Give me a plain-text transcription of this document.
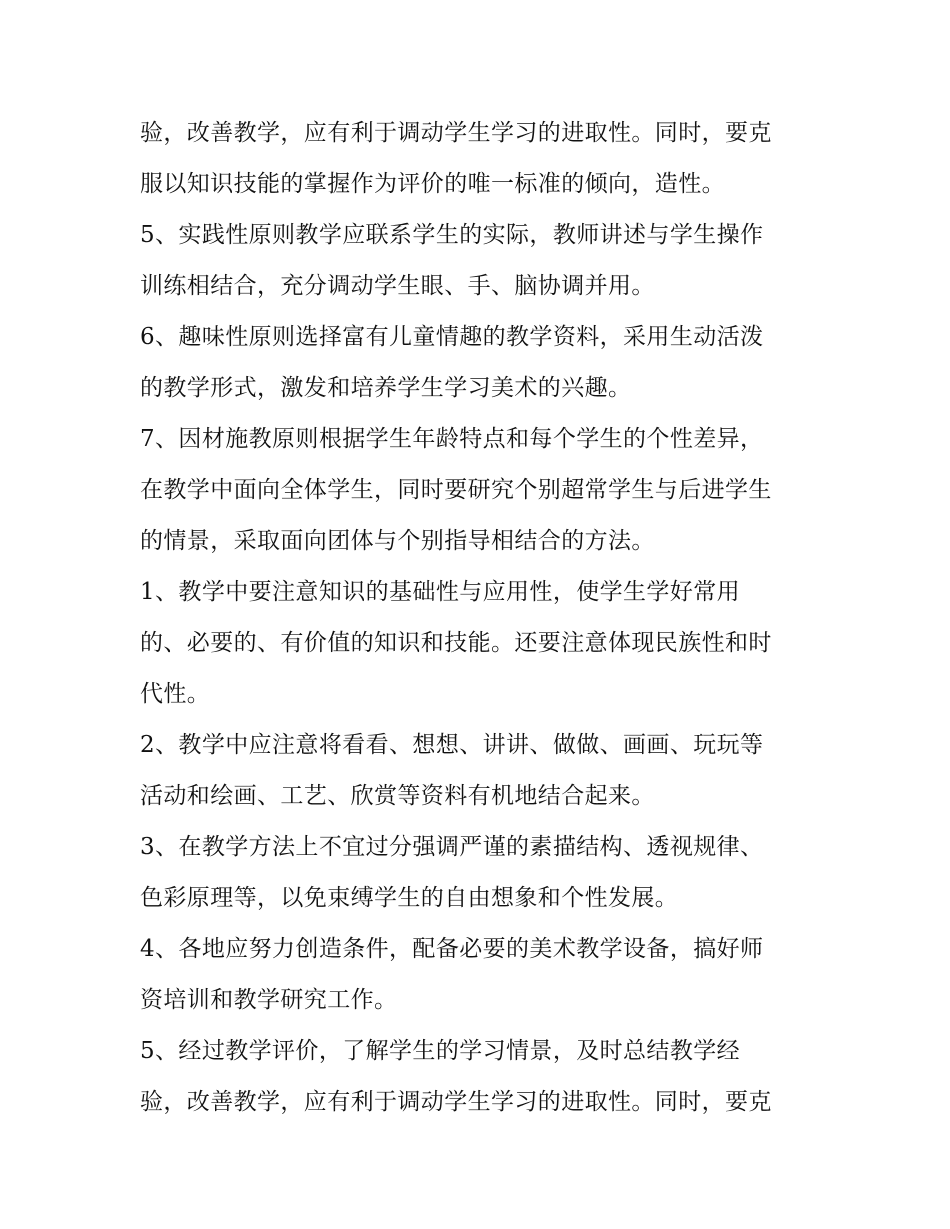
验，改善教学，应有利于调动学生学习的进取性。同时，要克
服以知识技能的掌握作为评价的唯一标准的倾向，造性。
5、实践性原则教学应联系学生的实际，教师讲述与学生操作
训练相结合，充分调动学生眼、手、脑协调并用。
6、趣味性原则选择富有儿童情趣的教学资料，采用生动活泼
的教学形式，激发和培养学生学习美术的兴趣。
7、因材施教原则根据学生年龄特点和每个学生的个性差异，
在教学中面向全体学生，同时要研究个别超常学生与后进学生
的情景，采取面向团体与个别指导相结合的方法。
1、教学中要注意知识的基础性与应用性，使学生学好常用
的、必要的、有价值的知识和技能。还要注意体现民族性和时
代性。
2、教学中应注意将看看、想想、讲讲、做做、画画、玩玩等
活动和绘画、工艺、欣赏等资料有机地结合起来。
3、在教学方法上不宜过分强调严谨的素描结构、透视规律、
色彩原理等，以免束缚学生的自由想象和个性发展。
4、各地应努力创造条件，配备必要的美术教学设备，搞好师
资培训和教学研究工作。
5、经过教学评价，了解学生的学习情景，及时总结教学经
验，改善教学，应有利于调动学生学习的进取性。同时，要克
